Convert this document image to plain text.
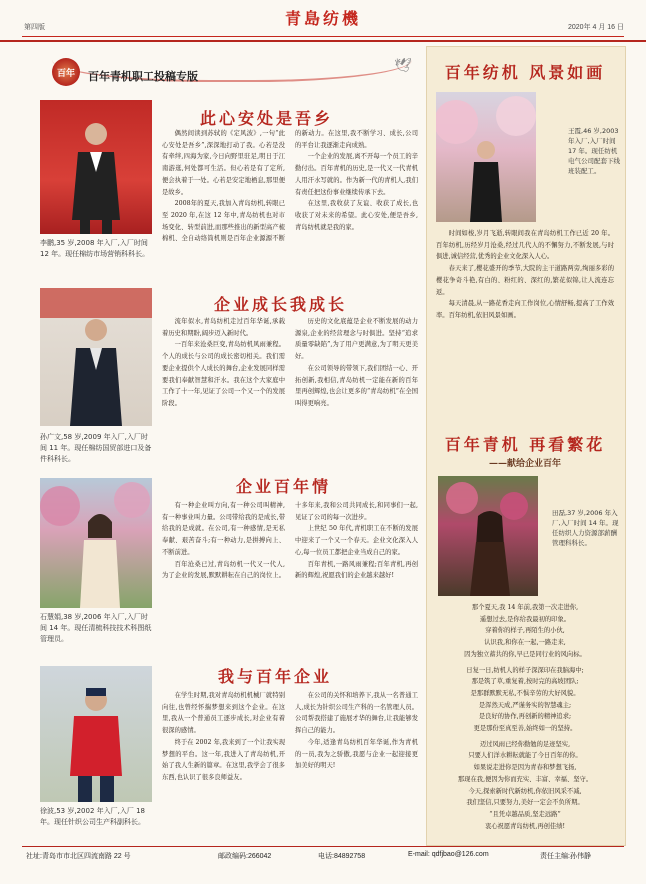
第四版	青島纺機	2020年 4 月 16 日
百年	百年青机职工投稿专版
🕊
李鹏,35 岁,2008 年入厂,入厂时间 12 年。现任棉纺市场营销科科长。
此心安处是吾乡

偶然间读到苏轼的《定风波》,一句“此心安处是吾乡”,深深地打动了我。心若是没有牵绊,四海为家,今日向野里驻足,明日于江南游逛,何处都可生活。但心若是有了定所,便会执着于一处。心若是安定地栖息,那里便是故乡。

2008年的夏天,我加入青岛纺机,转眼已至 2020 年,在这 12 年中,青岛纺机也对市场变化、转型前进,而那些推出的新型高产梳棉机、全自动络筒机则是百年企业源源不断的新动力。在这里,我不断学习、成长,公司的平台让我逐渐走向成熟。

一个企业的发展,离不开每一个员工的辛勤付出。百年青机的历史,是一代又一代青机人用汗水写就的。作为新一代的青机人,我们有责任把这份事业继续传承下去。

在这里,我收获了友谊、收获了成长,也收获了对未来的希望。此心安处,便是吾乡,青岛纺机就是我的家。

孙广文,58 岁,2009 年入厂,入厂时间 11 年。现任棉纺国贸部进口及备件科科长。
企业成长我成长

流年似水,青岛纺机走过百年华诞,承载着历史和期盼,阔步迈入新时代。

一百年来沧桑巨变,青岛纺机风雨兼程。个人的成长与公司的成长密切相关。我们需要企业提供个人成长的舞台,企业发展同样需要我们奉献智慧和汗水。我在这个大家庭中工作了十一年,见证了公司一个又一个的发展阶段。

历史的文化底蕴是企业不断发展的动力源泉,企业的经营理念与时俱进。坚持“追求质量零缺陷”,为了用户更满意,为了明天更美好。

在公司领导的带领下,我们团结一心、开拓创新,我相信,青岛纺机一定能在新的百年里再创辉煌,也会让更多的“青岛纺机”在全国叫得更响亮。

石慧娟,38 岁,2006 年入厂,入厂时间 14 年。现任清梳科技技术科图纸管理员。
企业百年情

有一种企业叫方向,有一种公司叫精神,有一种事业叫力量。公司带给我的是成长,带给我的是成就。在公司,有一种感情,是无私奉献、艰苦奋斗;有一种动力,是拼搏向上、不断前进。

百年沧桑已过,青岛纺机一代又一代人,为了企业的发展,默默耕耘在自己的岗位上。十多年来,我和公司共同成长,和同事们一起,见证了公司的每一次进步。

上世纪 50 年代,青机职工在不断的发展中迎来了一个又一个春天。企业文化深入人心,每一位员工都把企业当成自己的家。

百年青机,一路风雨兼程;百年青机,再创新的辉煌,祝愿我们的企业越来越好!

徐波,53 岁,2002 年入厂,入厂 18 年。现任针织公司生产科副科长。
我与百年企业

在学生时期,我对青岛纺机机械厂就特别向往,也曾经怀揣梦想来到这个企业。在这里,我从一个普通员工逐步成长,对企业有着很深的感情。

终于在 2002 年,我来到了一个让我实现梦想的平台。这一年,我进入了青岛纺机,开始了我人生新的篇章。在这里,我学会了很多东西,也认识了很多良师益友。

在公司的关怀和培养下,我从一名普通工人,成长为针织公司生产科的一名管理人员。公司帮我搭建了施展才华的舞台,让我能够发挥自己的能力。

今年,适逢青岛纺机百年华诞,作为青机的一员,我为之骄傲,我愿与企业一起迎接更加美好的明天!

百年纺机 风景如画
王霞,46 岁,2003 年入厂,入厂时间 17 年。现任纺机电气公司配套下线班装配工。

时间如梭,岁月飞逝,转眼间我在青岛纺机工作已近 20 年。百年纺机,历经岁月沧桑,经过几代人的不懈努力,不断发展,与时俱进,诚信经营,优秀的企业文化深入人心。

春天来了,樱花盛开的季节,大院的主干道路两旁,绚丽多彩的樱花争奇斗艳,有白的、粉红的、深红的,繁花似锦,让人流连忘返。

每天清晨,从一路花香走向工作岗位,心情舒畅,提高了工作效率。百年纺机,依旧风景如画。

百年青机 再看繁花
——献给企业百年
田磊,37 岁,2006 年入厂,入厂时间 14 年。现任纺织人力资源部薪酬管理科科长。
那个夏天,我 14 年前,我第一次走进你,
遥想过去,是你给我最初的印象。
穿着你的样子,再陌生的小伙,
认识我,和你在一起,一路走来,
因为独立蓄共的你,早已是同行业的风向标。
日复一日,纺机人的样子深深印在我脑海中;
那是筑了草,重复着,按时完的高坡团队;
是那群默默无私,不惧辛劳的大好风貌。
是浑然天成,严谨务实的智慧魂主;
是良好的协作,再创新的精神追求;
更是那份至真至善,始终如一的坚持。
迈过风雨已经你勤勉的足迹坚实,
只要人们洋水耕耘就能了今日百年的你。
如果说走进你是因为青春和梦想飞扬,
那现在我,便因为你而充实、丰富、幸福、坚守。
今天,探索新时代新纺机,你依旧风采不减,
我们坚信,只要努力,美好一定会不负所期。
“且凭卓越品质,坚走远路”
衷心祝愿青岛纺机,再创佳绩!
社址:青岛市市北区四流南路 22 号	邮政编码:266042	电话:84892758	E-mail: qdfjbao@126.com	责任主编:孙伟静
